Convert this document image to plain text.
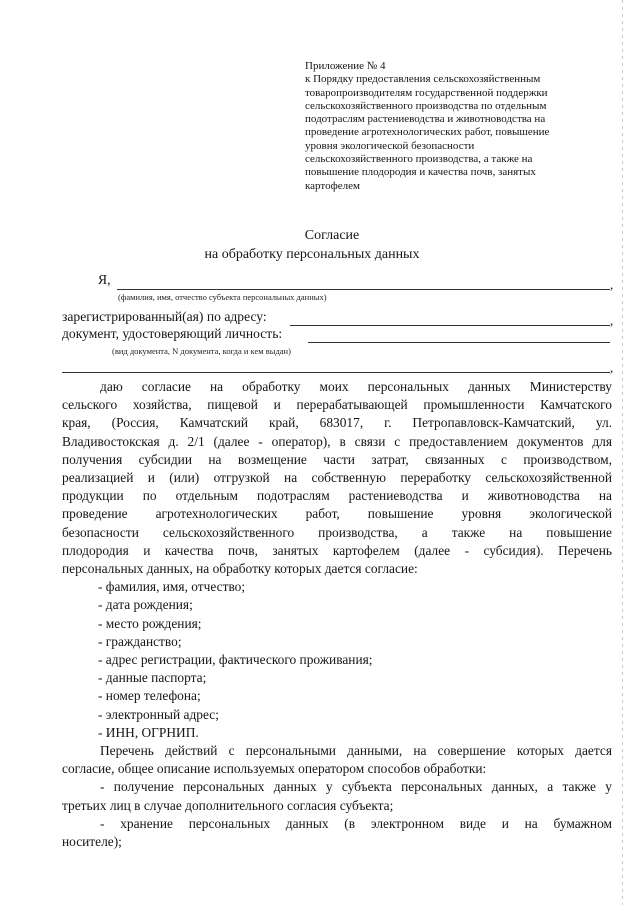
Приложение № 4
к Порядку предоставления сельскохозяйственным
товаропроизводителям государственной поддержки
сельскохозяйственного производства по отдельным
подотраслям растениеводства и животноводства на
проведение агротехнологических работ, повышение
уровня экологической безопасности
сельскохозяйственного производства, а также на
повышение плодородия и качества почв, занятых
картофелем
Согласие
на обработку персональных данных
Я,	,
(фамилия, имя, отчество субъекта персональных данных)
зарегистрированный(ая) по адресу:	,
документ, удостоверяющий личность:
(вид документа, N документа, когда и кем выдан)
,

даю согласие на обработку моих персональных данных Министерству

сельского хозяйства, пищевой и перерабатывающей промышленности Камчатского

края, (Россия, Камчатский край, 683017, г. Петропавловск-Камчатский, ул.

Владивостокская д. 2/1 (далее - оператор), в связи с предоставлением документов для

получения субсидии на возмещение части затрат, связанных с производством,

реализацией и (или) отгрузкой на собственную переработку сельскохозяйственной

продукции по отдельным подотраслям растениеводства и животноводства на

проведение агротехнологических работ, повышение уровня экологической

безопасности сельскохозяйственного производства, а также на повышение

плодородия и качества почв, занятых картофелем (далее - субсидия). Перечень

персональных данных, на обработку которых дается согласие:

- фамилия, имя, отчество;

- дата рождения;

- место рождения;

- гражданство;

- адрес регистрации, фактического проживания;

- данные паспорта;

- номер телефона;

- электронный адрес;

- ИНН, ОГРНИП.

Перечень действий с персональными данными, на совершение которых дается

согласие, общее описание используемых оператором способов обработки:

- получение персональных данных у субъекта персональных данных, а также у

третьих лиц в случае дополнительного согласия субъекта;

- хранение персональных данных (в электронном виде и на бумажном

носителе);
